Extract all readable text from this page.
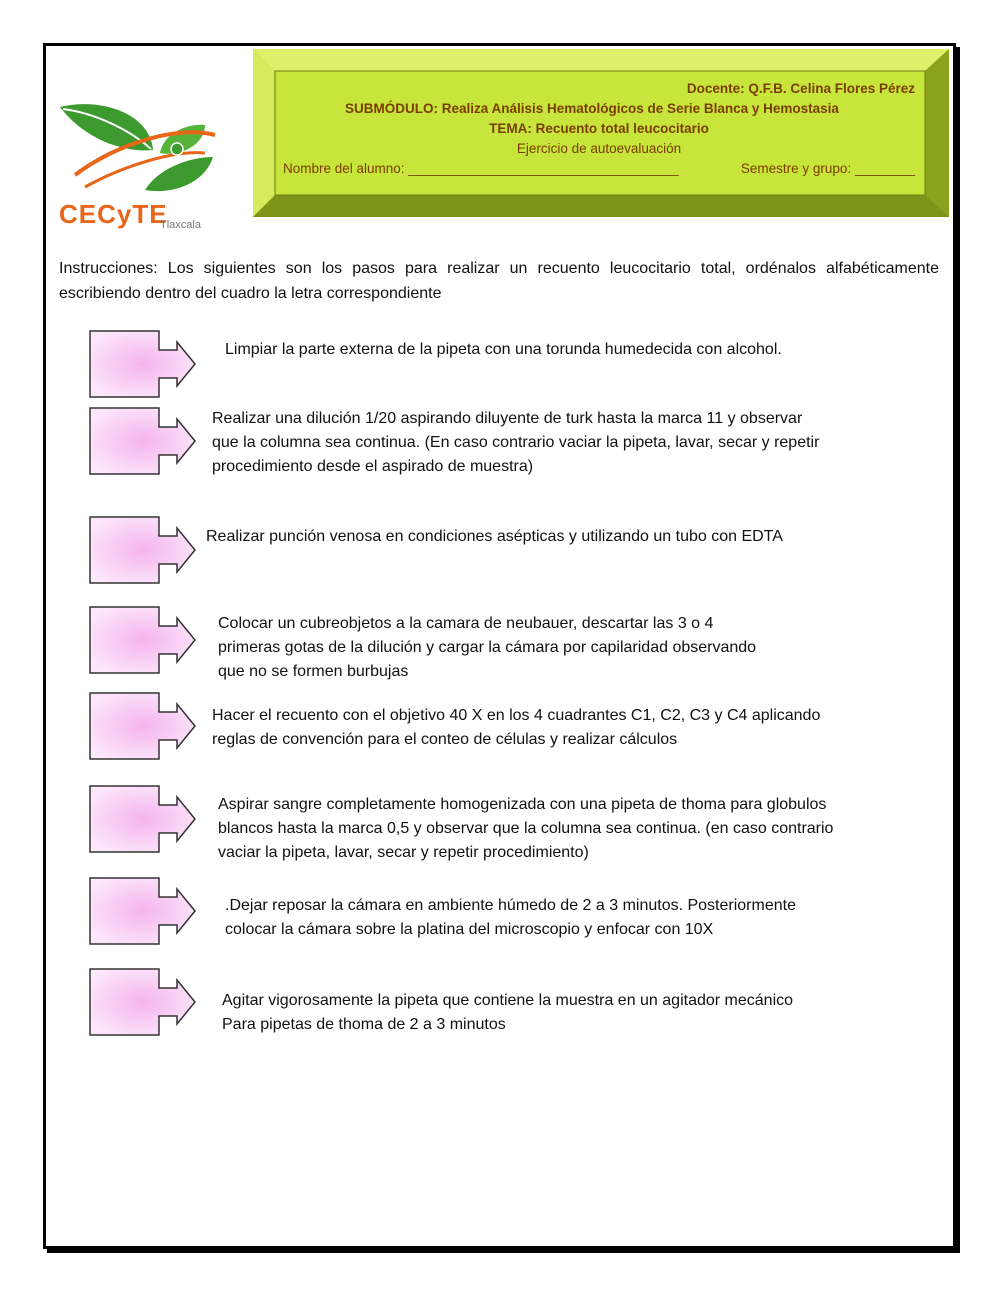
Docente: Q.F.B. Celina Flores Pérez
SUBMÓDULO: Realiza Análisis Hematológicos de Serie Blanca y Hemostasia
TEMA: Recuento total leucocitario
Ejercicio de autoevaluación
Nombre del alumno: ____________________________________	Semestre y grupo: ________
CECyTE
Tlaxcala
Instrucciones: Los siguientes son los pasos para realizar un recuento leucocitario total, ordénalos alfabéticamente escribiendo dentro del cuadro la letra correspondiente
Limpiar la parte externa de la pipeta con una torunda humedecida con alcohol.
Realizar una dilución 1/20 aspirando diluyente de turk hasta la marca 11 y observar
que la columna sea continua. (En caso contrario vaciar la pipeta, lavar, secar y repetir
procedimiento desde el aspirado de muestra)
Realizar punción venosa en condiciones asépticas y utilizando un tubo con EDTA
Colocar un cubreobjetos a la camara de neubauer, descartar las 3 o 4
primeras gotas de la dilución y cargar la cámara por capilaridad observando
que no se formen burbujas
Hacer el recuento con el objetivo 40 X en los 4 cuadrantes C1, C2, C3 y C4 aplicando
reglas de convención para el conteo de células y realizar cálculos
Aspirar sangre completamente homogenizada con una pipeta de thoma para globulos
blancos hasta la marca 0,5 y observar que la columna sea continua. (en caso contrario
vaciar la pipeta, lavar, secar y repetir procedimiento)
.Dejar reposar la cámara en ambiente húmedo de 2 a 3 minutos. Posteriormente
colocar la cámara sobre la platina del microscopio y enfocar con 10X
Agitar vigorosamente la pipeta que contiene la muestra en un agitador mecánico
Para pipetas de thoma de 2 a 3 minutos
